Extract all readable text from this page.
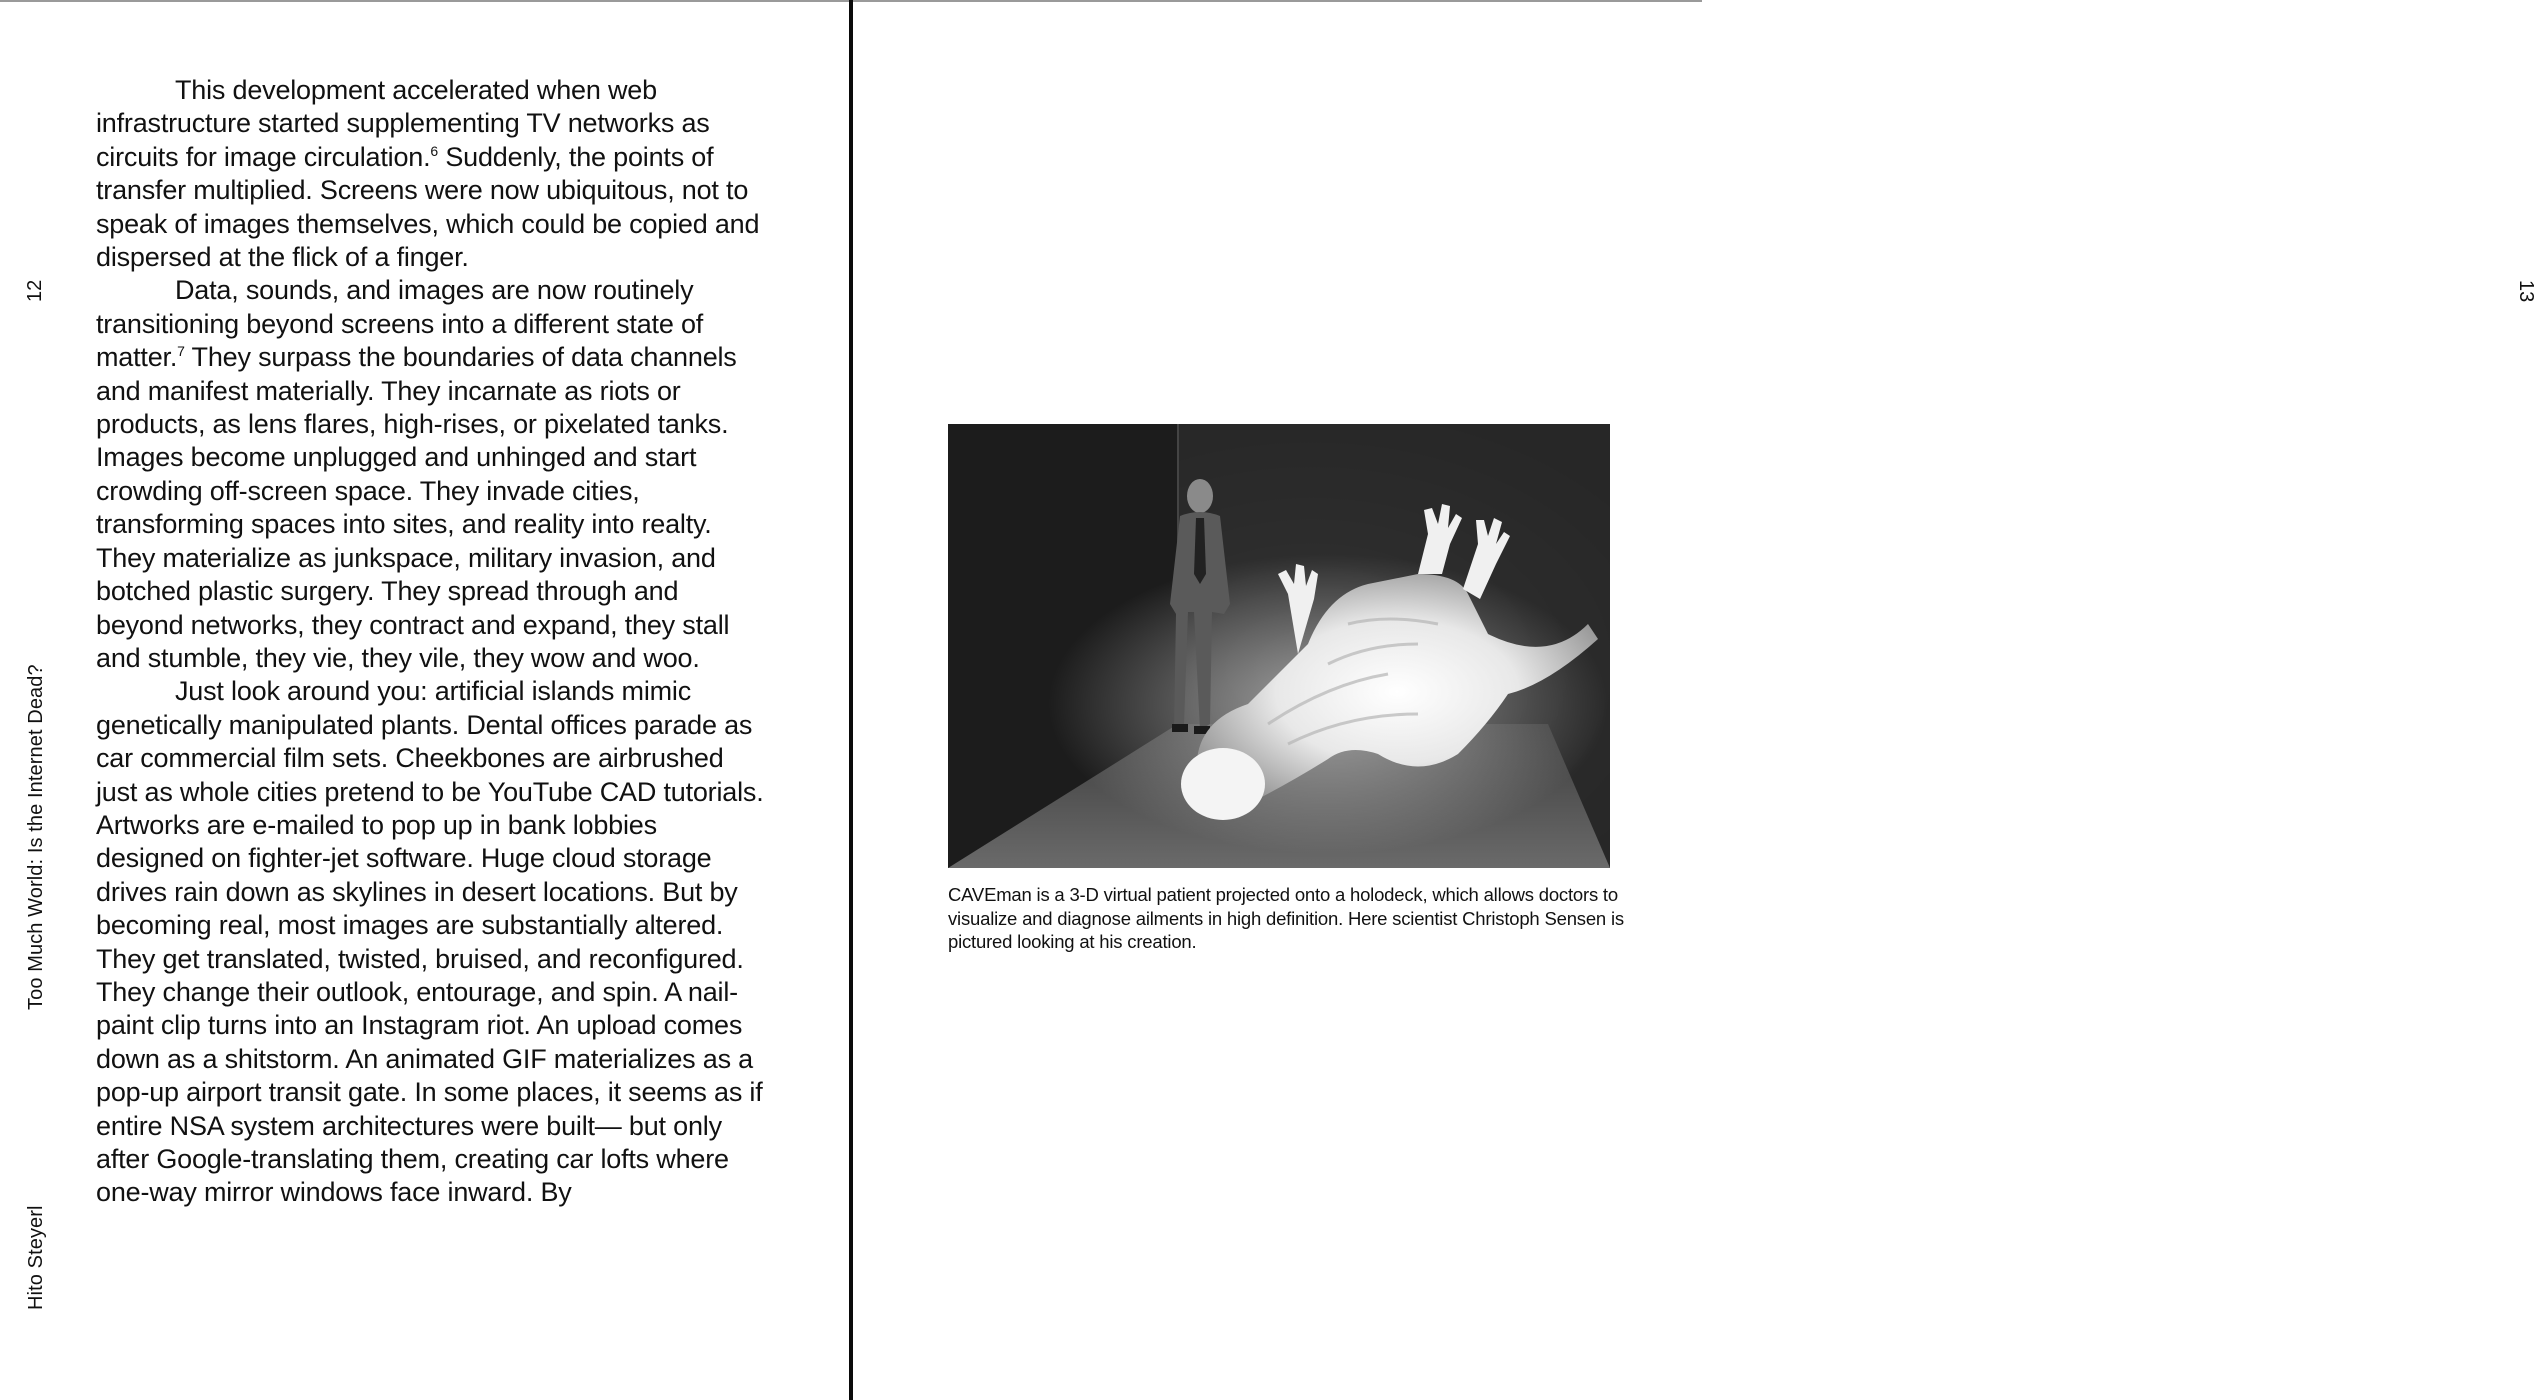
12
Too Much World: Is the Internet Dead?
Hito Steyerl

This development accelerated when web infrastructure started supplementing TV networks as circuits for image circulation.$^6$ Suddenly, the points of transfer multiplied. Screens were now ubiquitous, not to speak of images themselves, which could be copied and dispersed at the flick of a finger.

Data, sounds, and images are now routinely transitioning beyond screens into a different state of matter.$^7$ They surpass the boundaries of data channels and manifest materially. They incarnate as riots or products, as lens flares, high-rises, or pixelated tanks. Images become unplugged and unhinged and start crowding off-screen space. They invade cities, transforming spaces into sites, and reality into realty. They materialize as junkspace, military invasion, and botched plastic surgery. They spread through and beyond networks, they contract and expand, they stall and stumble, they vie, they vile, they wow and woo.

Just look around you: artificial islands mimic genetically manipulated plants. Dental offices parade as car commercial film sets. Cheekbones are airbrushed just as whole cities pretend to be YouTube CAD tutorials. Artworks are e-mailed to pop up in bank lobbies designed on fighter-jet software. Huge cloud storage drives rain down as skylines in desert locations. But by becoming real, most images are substantially altered. They get translated, twisted, bruised, and reconfigured. They change their outlook, entourage, and spin. A nail-paint clip turns into an Instagram riot. An upload comes down as a shitstorm. An animated GIF materializes as a pop-up airport transit gate. In some places, it seems as if entire NSA system architectures were built— but only after Google-translating them, creating car lofts where one-way mirror windows face inward. By

13
CAVEman is a 3-D virtual patient projected onto a holodeck, which allows doctors to visualize and diagnose ailments in high definition. Here scientist Christoph Sensen is pictured looking at his creation.
